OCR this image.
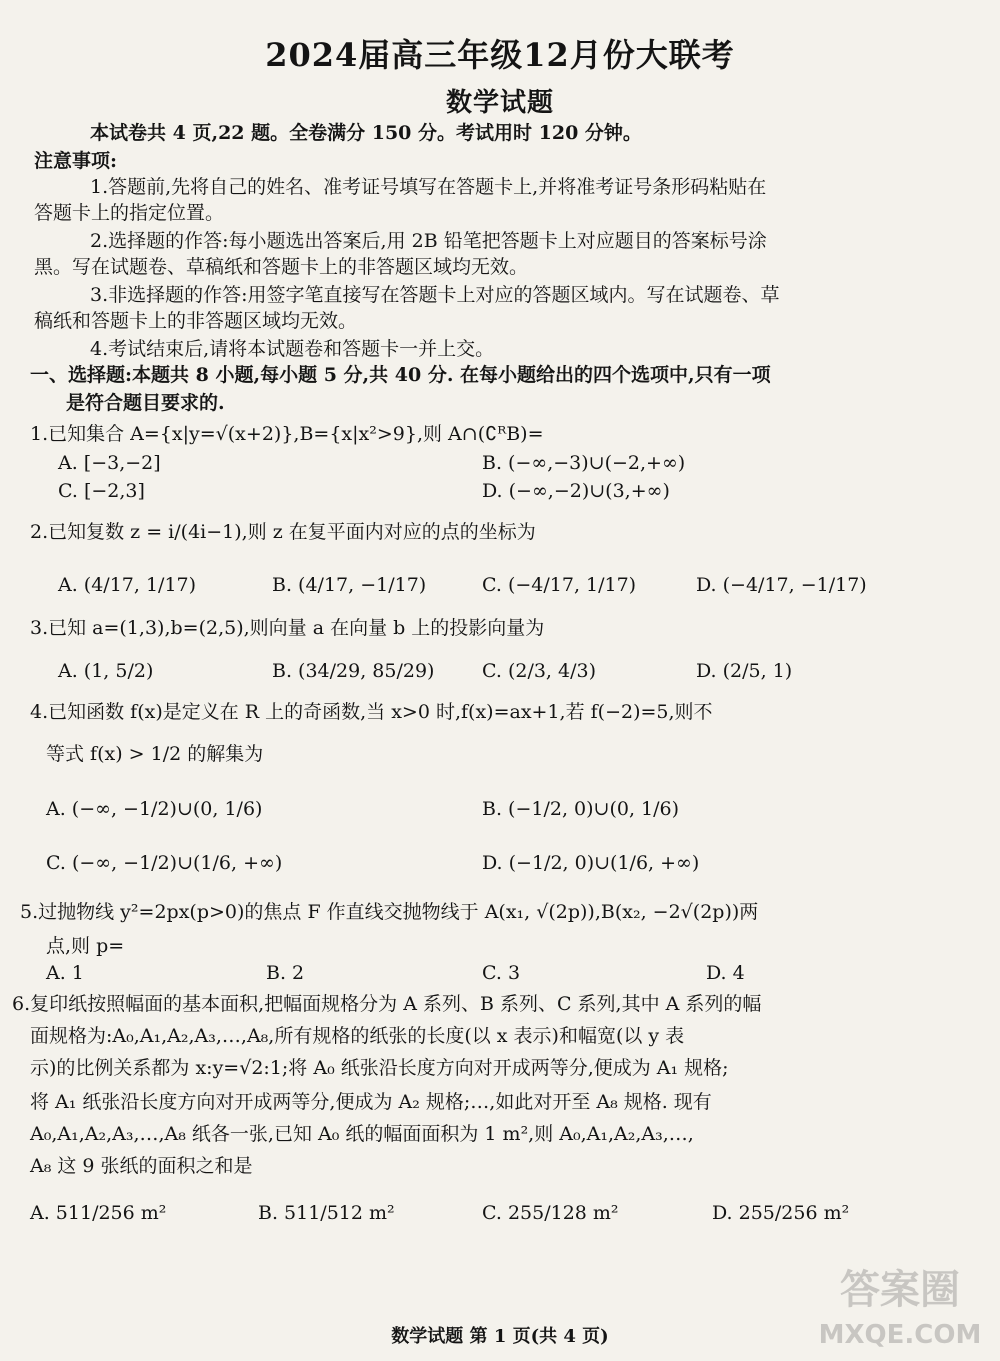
2024届高三年级12月份大联考
数学试题
本试卷共 4 页,22 题。全卷满分 150 分。考试用时 120 分钟。
注意事项:
1.答题前,先将自己的姓名、准考证号填写在答题卡上,并将准考证号条形码粘贴在
答题卡上的指定位置。
2.选择题的作答:每小题选出答案后,用 2B 铅笔把答题卡上对应题目的答案标号涂
黑。写在试题卷、草稿纸和答题卡上的非答题区域均无效。
3.非选择题的作答:用签字笔直接写在答题卡上对应的答题区域内。写在试题卷、草
稿纸和答题卡上的非答题区域均无效。
4.考试结束后,请将本试题卷和答题卡一并上交。
一、选择题:本题共 8 小题,每小题 5 分,共 40 分. 在每小题给出的四个选项中,只有一项
是符合题目要求的.
1.已知集合 A={x|y=√(x+2)},B={x|x²>9},则 A∩(∁ᴿB)=
A. [−3,−2]	B. (−∞,−3)∪(−2,+∞)
C. [−2,3]	D. (−∞,−2)∪(3,+∞)
2.已知复数 z = i/(4i−1),则 z 在复平面内对应的点的坐标为
A. (4/17, 1/17)	B. (4/17, −1/17)	C. (−4/17, 1/17)	D. (−4/17, −1/17)
3.已知 a=(1,3),b=(2,5),则向量 a 在向量 b 上的投影向量为
A. (1, 5/2)	B. (34/29, 85/29)	C. (2/3, 4/3)	D. (2/5, 1)
4.已知函数 f(x)是定义在 R 上的奇函数,当 x>0 时,f(x)=ax+1,若 f(−2)=5,则不
等式 f(x) > 1/2 的解集为
A. (−∞, −1/2)∪(0, 1/6)	B. (−1/2, 0)∪(0, 1/6)
C. (−∞, −1/2)∪(1/6, +∞)	D. (−1/2, 0)∪(1/6, +∞)
5.过抛物线 y²=2px(p>0)的焦点 F 作直线交抛物线于 A(x₁, √(2p)),B(x₂, −2√(2p))两
点,则 p=
A. 1	B. 2	C. 3	D. 4
6.复印纸按照幅面的基本面积,把幅面规格分为 A 系列、B 系列、C 系列,其中 A 系列的幅
面规格为:A₀,A₁,A₂,A₃,…,A₈,所有规格的纸张的长度(以 x 表示)和幅宽(以 y 表
示)的比例关系都为 x:y=√2:1;将 A₀ 纸张沿长度方向对开成两等分,便成为 A₁ 规格;
将 A₁ 纸张沿长度方向对开成两等分,便成为 A₂ 规格;…,如此对开至 A₈ 规格. 现有
A₀,A₁,A₂,A₃,…,A₈ 纸各一张,已知 A₀ 纸的幅面面积为 1 m²,则 A₀,A₁,A₂,A₃,…,
A₈ 这 9 张纸的面积之和是
A. 511/256 m²	B. 511/512 m²	C. 255/128 m²	D. 255/256 m²
数学试题 第 1 页(共 4 页)
答案圈
MXQE.COM
